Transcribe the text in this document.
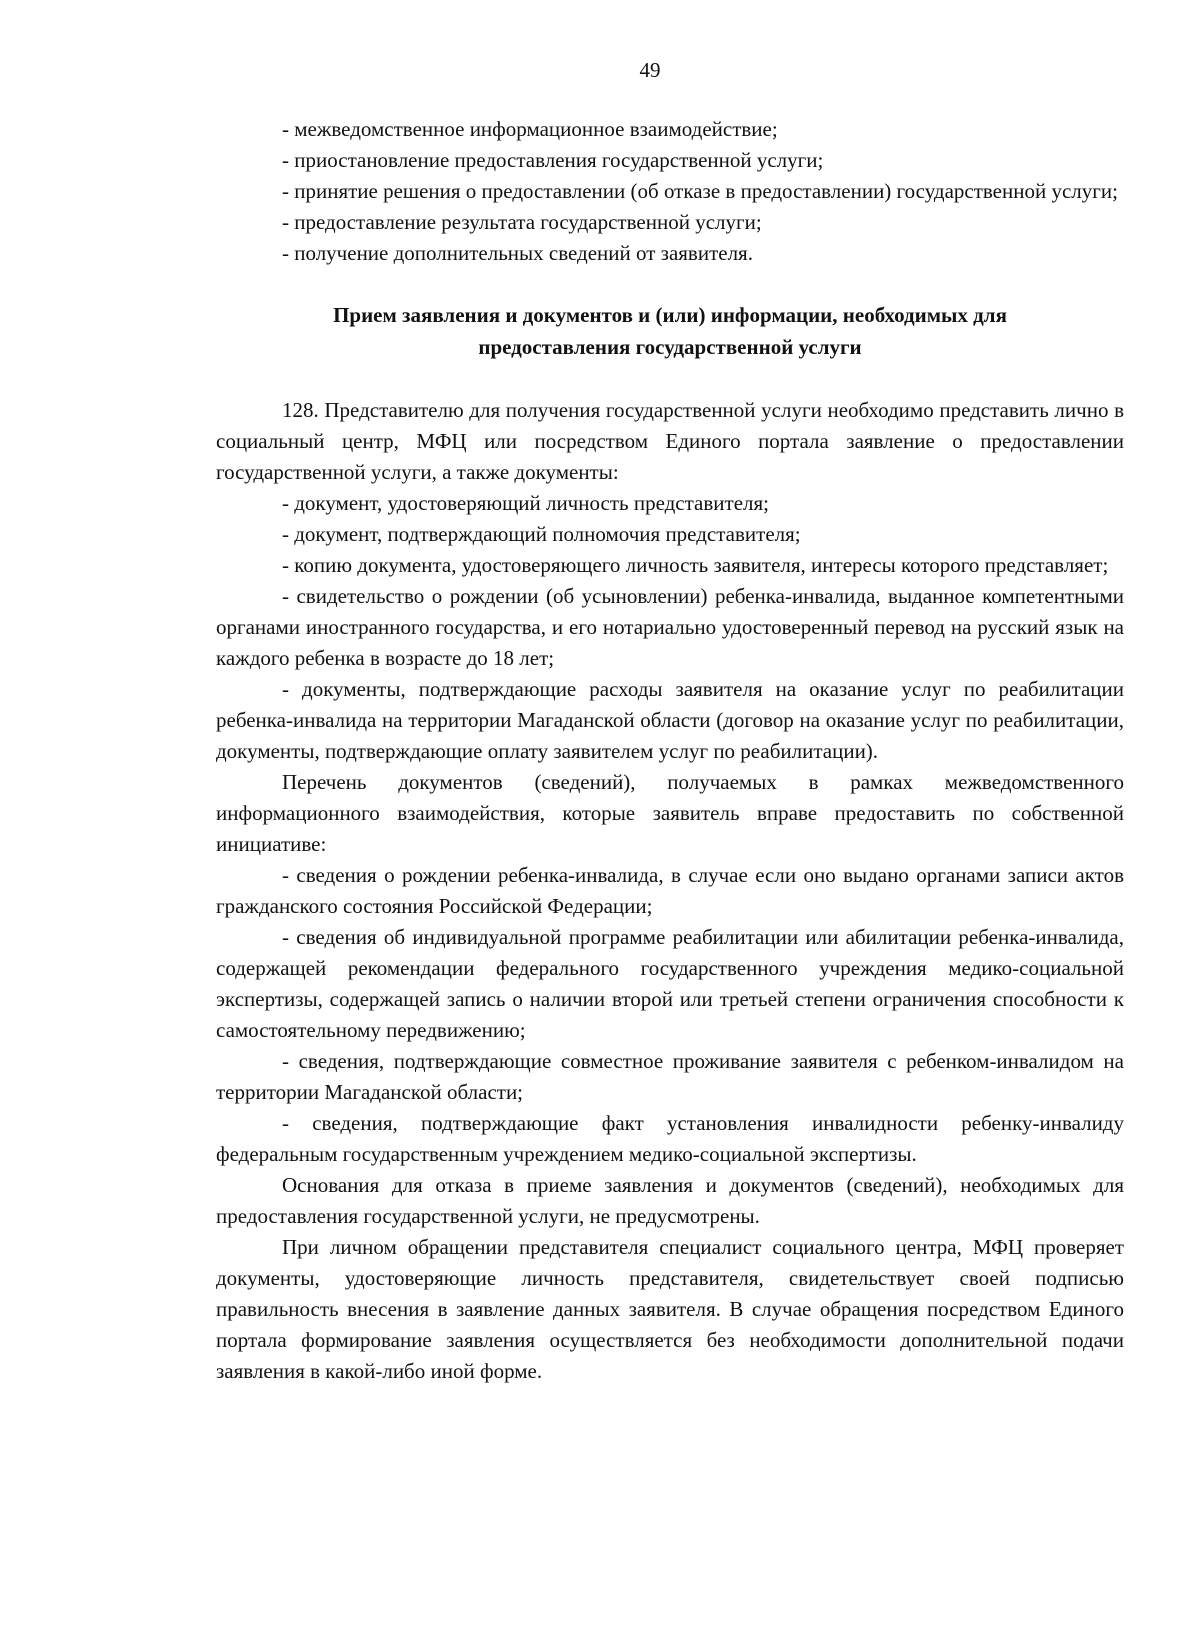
49

- межведомственное информационное взаимодействие;

- приостановление предоставления государственной услуги;

- принятие решения о предоставлении (об отказе в предоставлении) государственной услуги;

- предоставление результата государственной услуги;

- получение дополнительных сведений от заявителя.

Прием заявления и документов и (или) информации, необходимых для предоставления государственной услуги

128. Представителю для получения государственной услуги необходимо представить лично в социальный центр, МФЦ или посредством Единого портала заявление о предоставлении государственной услуги, а также документы:

- документ, удостоверяющий личность представителя;

- документ, подтверждающий полномочия представителя;

- копию документа, удостоверяющего личность заявителя, интересы которого представляет;

- свидетельство о рождении (об усыновлении) ребенка-инвалида, выданное компетентными органами иностранного государства, и его нотариально удостоверенный перевод на русский язык на каждого ребенка в возрасте до 18 лет;

- документы, подтверждающие расходы заявителя на оказание услуг по реабилитации ребенка-инвалида на территории Магаданской области (договор на оказание услуг по реабилитации, документы, подтверждающие оплату заявителем услуг по реабилитации).

Перечень документов (сведений), получаемых в рамках межведомственного информационного взаимодействия, которые заявитель вправе предоставить по собственной инициативе:

- сведения о рождении ребенка-инвалида, в случае если оно выдано органами записи актов гражданского состояния Российской Федерации;

- сведения об индивидуальной программе реабилитации или абилитации ребенка-инвалида, содержащей рекомендации федерального государственного учреждения медико-социальной экспертизы, содержащей запись о наличии второй или третьей степени ограничения способности к самостоятельному передвижению;

- сведения, подтверждающие совместное проживание заявителя с ребенком-инвалидом на территории Магаданской области;

- сведения, подтверждающие факт установления инвалидности ребенку-инвалиду федеральным государственным учреждением медико-социальной экспертизы.

Основания для отказа в приеме заявления и документов (сведений), необходимых для предоставления государственной услуги, не предусмотрены.

При личном обращении представителя специалист социального центра, МФЦ проверяет документы, удостоверяющие личность представителя, свидетельствует своей подписью правильность внесения в заявление данных заявителя. В случае обращения посредством Единого портала формирование заявления осуществляется без необходимости дополнительной подачи заявления в какой-либо иной форме.
